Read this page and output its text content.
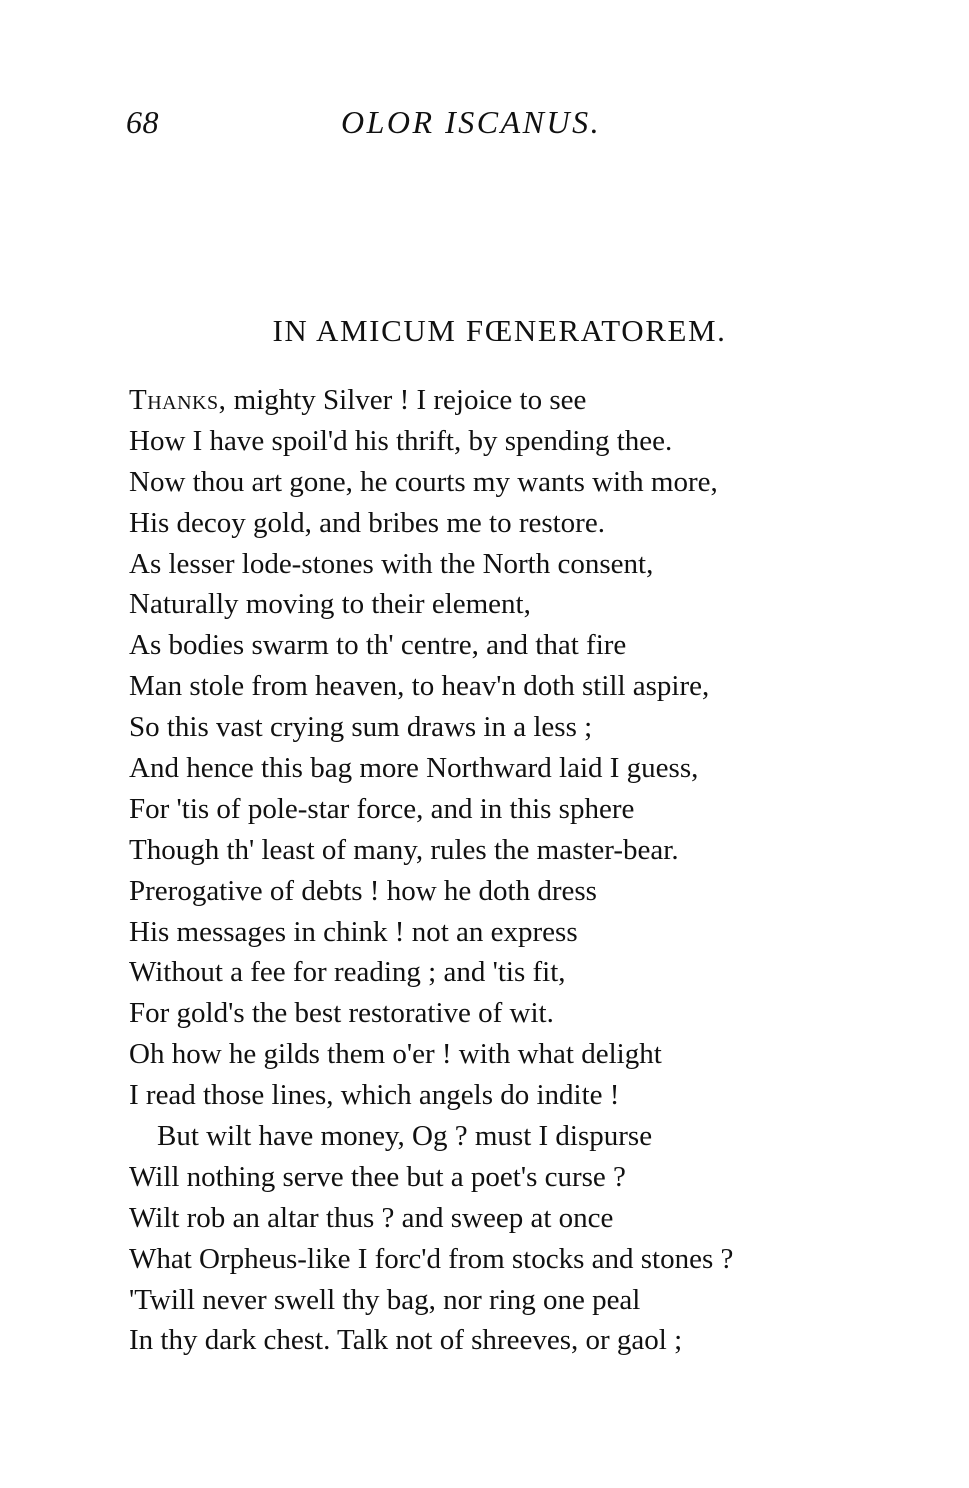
68	OLOR ISCANUS.
IN AMICUM FŒNERATOREM.
Thanks, mighty Silver ! I rejoice to see
How I have spoil'd his thrift, by spending thee.
Now thou art gone, he courts my wants with more,
His decoy gold, and bribes me to restore.
As lesser lode-stones with the North consent,
Naturally moving to their element,
As bodies swarm to th' centre, and that fire
Man stole from heaven, to heav'n doth still aspire,
So this vast crying sum draws in a less ;
And hence this bag more Northward laid I guess,
For 'tis of pole-star force, and in this sphere
Though th' least of many, rules the master-bear.
Prerogative of debts ! how he doth dress
His messages in chink ! not an express
Without a fee for reading ; and 'tis fit,
For gold's the best restorative of wit.
Oh how he gilds them o'er ! with what delight
I read those lines, which angels do indite !
But wilt have money, Og ? must I dispurse
Will nothing serve thee but a poet's curse ?
Wilt rob an altar thus ? and sweep at once
What Orpheus-like I forc'd from stocks and stones ?
'Twill never swell thy bag, nor ring one peal
In thy dark chest. Talk not of shreeves, or gaol ;
